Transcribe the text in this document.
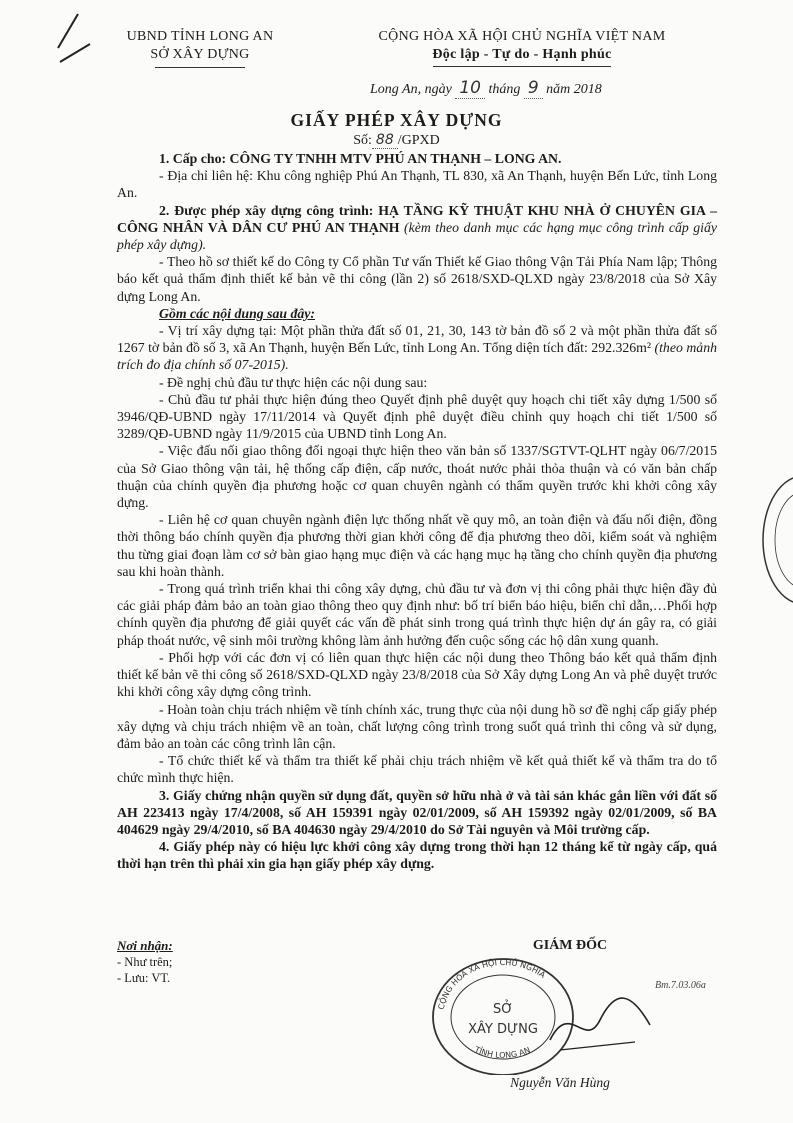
UBND TỈNH LONG AN
SỞ XÂY DỰNG
CỘNG HÒA XÃ HỘI CHỦ NGHĨA VIỆT NAM
Độc lập - Tự do - Hạnh phúc
Long An, ngày 10 tháng 9 năm 2018
GIẤY PHÉP XÂY DỰNG
Số: 88 /GPXD

1. Cấp cho: CÔNG TY TNHH MTV PHÚ AN THẠNH – LONG AN.

- Địa chỉ liên hệ: Khu công nghiệp Phú An Thạnh, TL 830, xã An Thạnh, huyện Bến Lức, tỉnh Long An.

2. Được phép xây dựng công trình: HẠ TẦNG KỸ THUẬT KHU NHÀ Ở CHUYÊN GIA – CÔNG NHÂN VÀ DÂN CƯ PHÚ AN THẠNH (kèm theo danh mục các hạng mục công trình cấp giấy phép xây dựng).

- Theo hồ sơ thiết kế do Công ty Cổ phần Tư vấn Thiết kế Giao thông Vận Tải Phía Nam lập; Thông báo kết quả thẩm định thiết kế bản vẽ thi công (lần 2) số 2618/SXD-QLXD ngày 23/8/2018 của Sở Xây dựng Long An.

Gồm các nội dung sau đây:

- Vị trí xây dựng tại: Một phần thửa đất số 01, 21, 30, 143 tờ bản đồ số 2 và một phần thửa đất số 1267 tờ bản đồ số 3, xã An Thạnh, huyện Bến Lức, tỉnh Long An. Tổng diện tích đất: 292.326m² (theo mảnh trích đo địa chính số 07-2015).

- Đề nghị chủ đầu tư thực hiện các nội dung sau:

- Chủ đầu tư phải thực hiện đúng theo Quyết định phê duyệt quy hoạch chi tiết xây dựng 1/500 số 3946/QĐ-UBND ngày 17/11/2014 và Quyết định phê duyệt điều chỉnh quy hoạch chi tiết 1/500 số 3289/QĐ-UBND ngày 11/9/2015 của UBND tỉnh Long An.

- Việc đấu nối giao thông đối ngoại thực hiện theo văn bản số 1337/SGTVT-QLHT ngày 06/7/2015 của Sở Giao thông vận tải, hệ thống cấp điện, cấp nước, thoát nước phải thỏa thuận và có văn bản chấp thuận của chính quyền địa phương hoặc cơ quan chuyên ngành có thẩm quyền trước khi khởi công xây dựng.

- Liên hệ cơ quan chuyên ngành điện lực thống nhất về quy mô, an toàn điện và đấu nối điện, đồng thời thông báo chính quyền địa phương thời gian khởi công để địa phương theo dõi, kiểm soát và nghiệm thu từng giai đoạn làm cơ sở bàn giao hạng mục điện và các hạng mục hạ tầng cho chính quyền địa phương sau khi hoàn thành.

- Trong quá trình triển khai thi công xây dựng, chủ đầu tư và đơn vị thi công phải thực hiện đầy đủ các giải pháp đảm bảo an toàn giao thông theo quy định như: bố trí biển báo hiệu, biển chỉ dẫn,…Phối hợp chính quyền địa phương để giải quyết các vấn đề phát sinh trong quá trình thực hiện dự án gây ra, có giải pháp thoát nước, vệ sinh môi trường không làm ảnh hưởng đến cuộc sống các hộ dân xung quanh.

- Phối hợp với các đơn vị có liên quan thực hiện các nội dung theo Thông báo kết quả thẩm định thiết kế bản vẽ thi công số 2618/SXD-QLXD ngày 23/8/2018 của Sở Xây dựng Long An và phê duyệt trước khi khởi công xây dựng công trình.

- Hoàn toàn chịu trách nhiệm về tính chính xác, trung thực của nội dung hồ sơ đề nghị cấp giấy phép xây dựng và chịu trách nhiệm về an toàn, chất lượng công trình trong suốt quá trình thi công và sử dụng, đảm bảo an toàn các công trình lân cận.

- Tổ chức thiết kế và thẩm tra thiết kế phải chịu trách nhiệm về kết quả thiết kế và thẩm tra do tổ chức mình thực hiện.

3. Giấy chứng nhận quyền sử dụng đất, quyền sở hữu nhà ở và tài sản khác gắn liền với đất số AH 223413 ngày 17/4/2008, số AH 159391 ngày 02/01/2009, số AH 159392 ngày 02/01/2009, số BA 404629 ngày 29/4/2010, số BA 404630 ngày 29/4/2010 do Sở Tài nguyên và Môi trường cấp.

4. Giấy phép này có hiệu lực khởi công xây dựng trong thời hạn 12 tháng kể từ ngày cấp, quá thời hạn trên thì phải xin gia hạn giấy phép xây dựng.

Nơi nhận:
- Như trên;
- Lưu: VT.
CỘNG HÒA XÃ HỘI CHỦ NGHĨA
TỈNH LONG AN
SỞ
XÂY DỰNG
GIÁM ĐỐC
Bm.7.03.06a
Nguyễn Văn Hùng
